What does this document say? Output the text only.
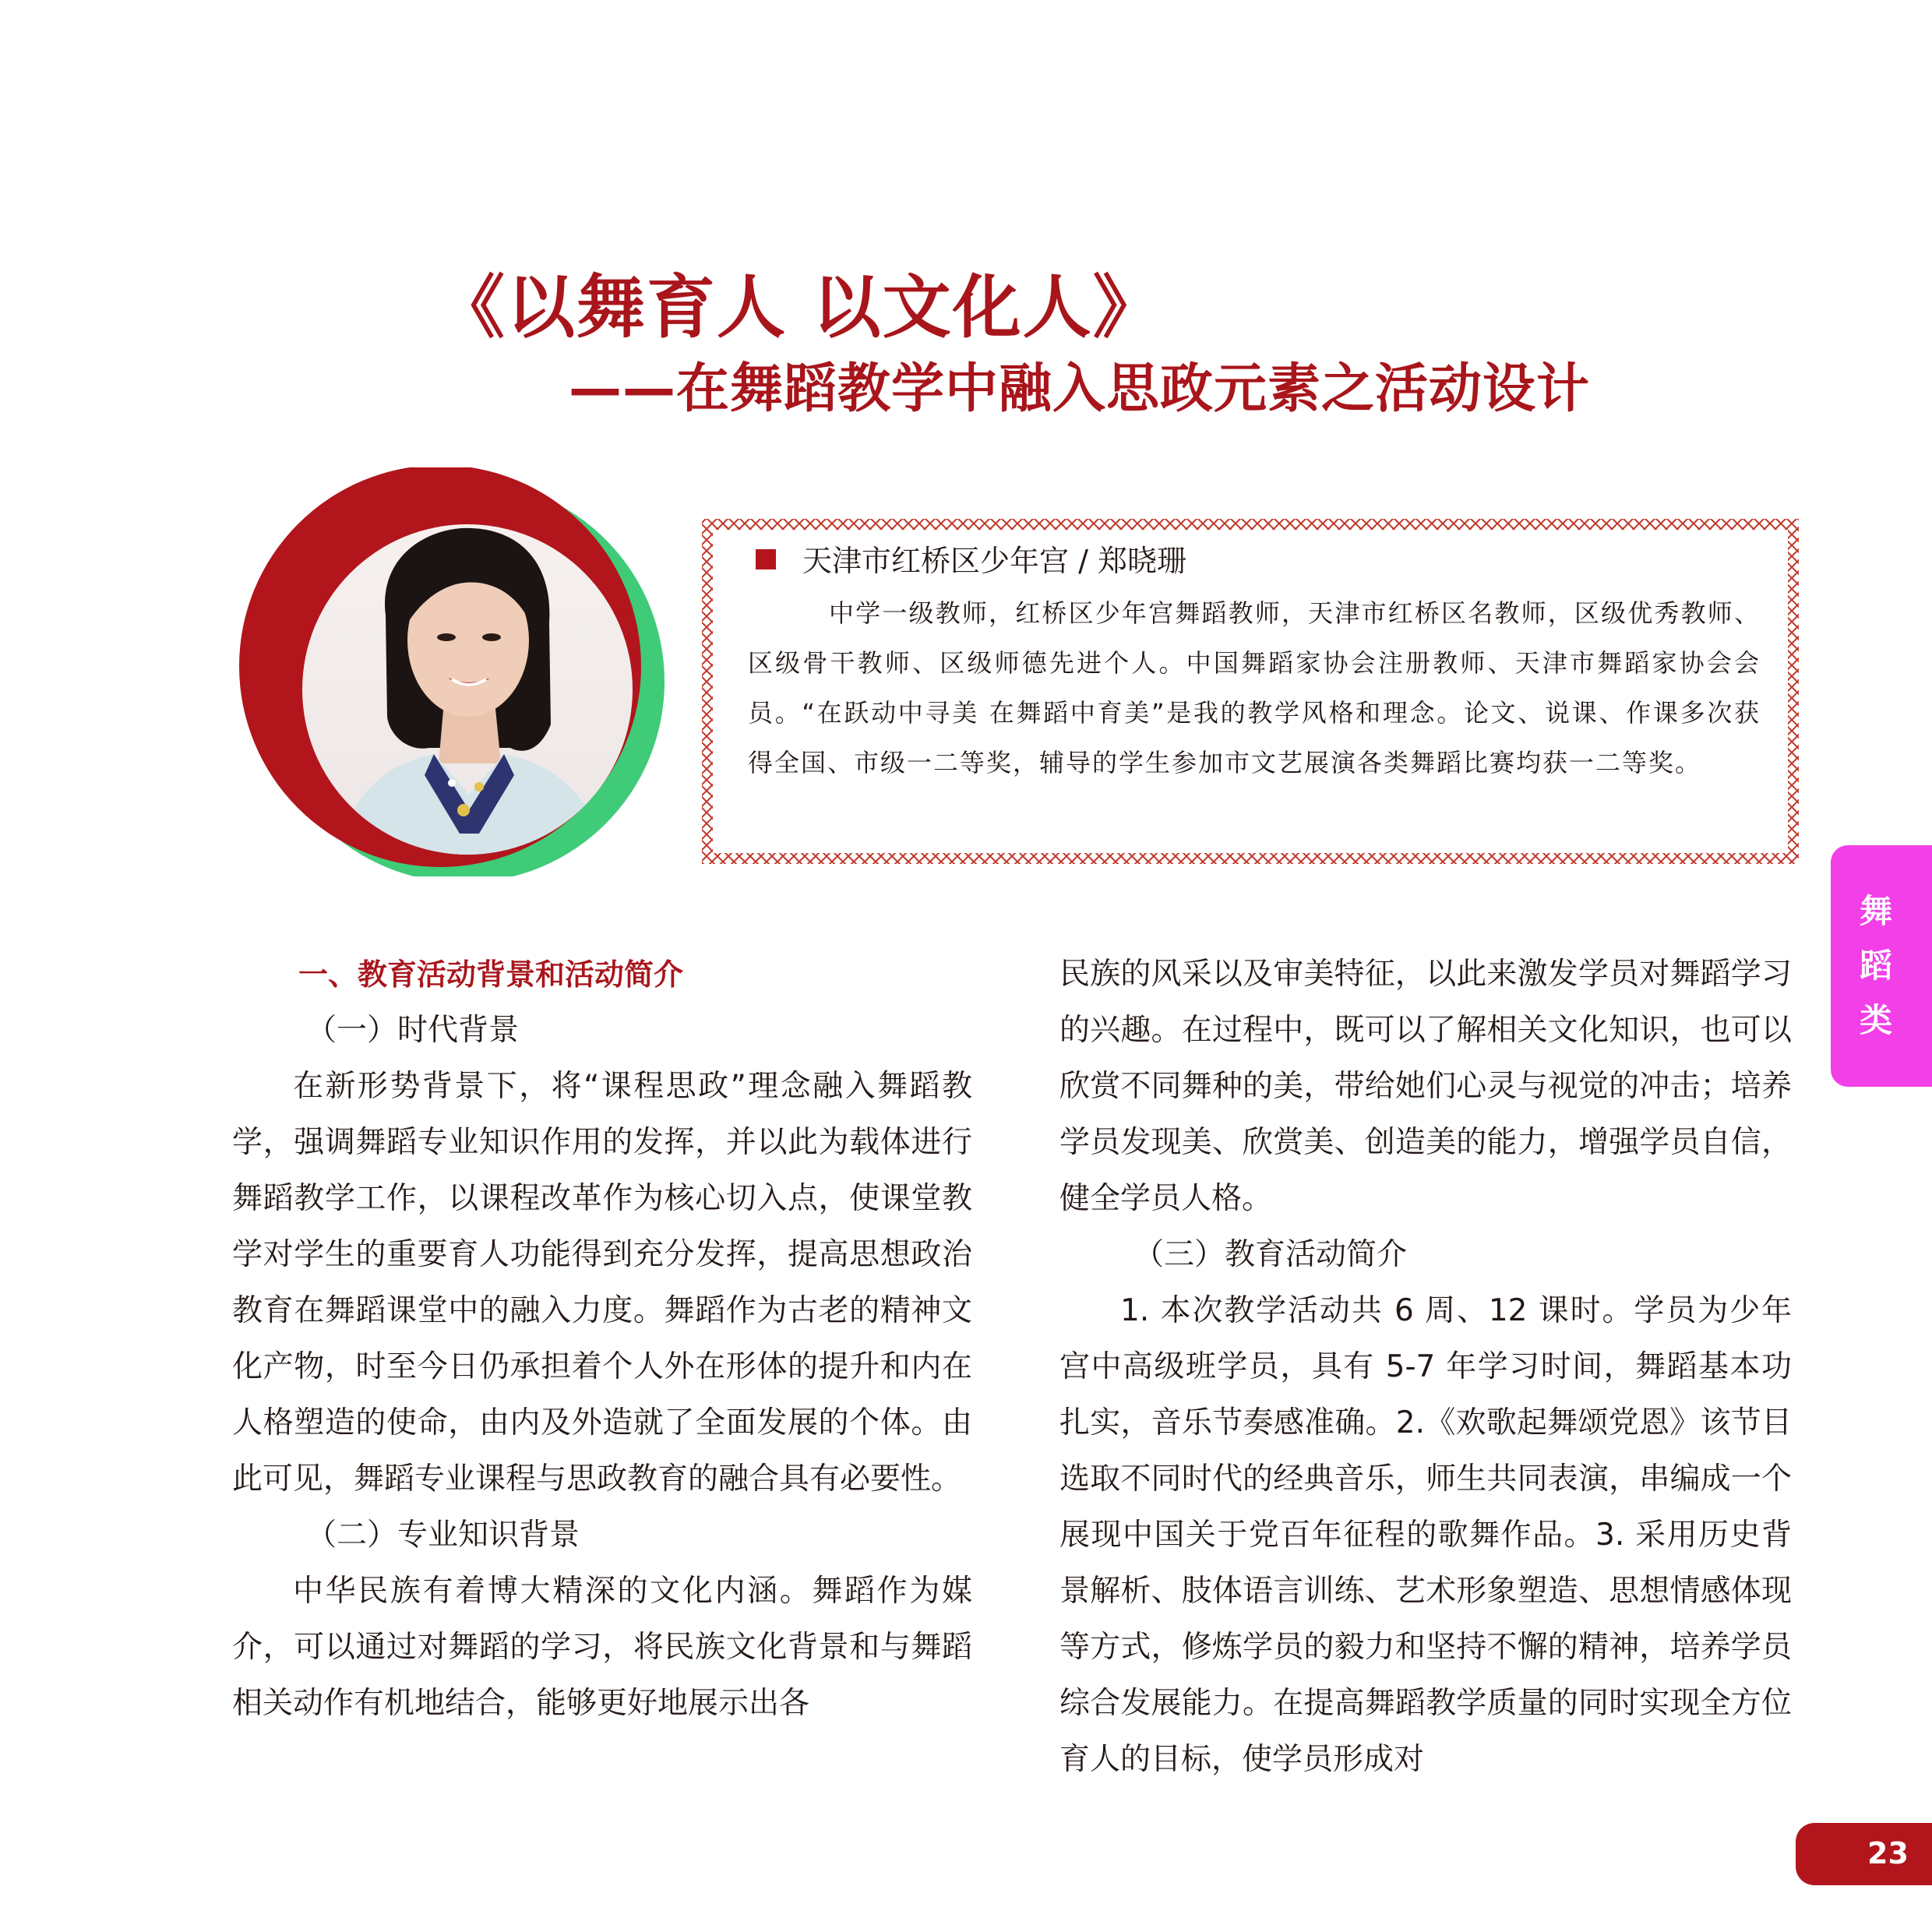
《以舞育人 以文化人》
——在舞蹈教学中融入思政元素之活动设计

天津市红桥区少年宫 / 郑晓珊

中学一级教师，红桥区少年宫舞蹈教师，天津市红桥区名教师，区级优秀教师、区级骨干教师、区级师德先进个人。中国舞蹈家协会注册教师、天津市舞蹈家协会会员。“在跃动中寻美 在舞蹈中育美”是我的教学风格和理念。论文、说课、作课多次获得全国、市级一二等奖，辅导的学生参加市文艺展演各类舞蹈比赛均获一二等奖。

舞
蹈
类

一、教育活动背景和活动简介

（一）时代背景

在新形势背景下，将“课程思政”理念融入舞蹈教学，强调舞蹈专业知识作用的发挥，并以此为载体进行舞蹈教学工作，以课程改革作为核心切入点，使课堂教学对学生的重要育人功能得到充分发挥，提高思想政治教育在舞蹈课堂中的融入力度。舞蹈作为古老的精神文化产物，时至今日仍承担着个人外在形体的提升和内在人格塑造的使命，由内及外造就了全面发展的个体。由此可见，舞蹈专业课程与思政教育的融合具有必要性。

（二）专业知识背景

中华民族有着博大精深的文化内涵。舞蹈作为媒介，可以通过对舞蹈的学习，将民族文化背景和与舞蹈相关动作有机地结合，能够更好地展示出各

民族的风采以及审美特征，以此来激发学员对舞蹈学习的兴趣。在过程中，既可以了解相关文化知识，也可以欣赏不同舞种的美，带给她们心灵与视觉的冲击；培养学员发现美、欣赏美、创造美的能力，增强学员自信，健全学员人格。

（三）教育活动简介

1. 本次教学活动共 6 周、12 课时。学员为少年宫中高级班学员，具有 5-7 年学习时间，舞蹈基本功扎实，音乐节奏感准确。2.《欢歌起舞颂党恩》该节目选取不同时代的经典音乐，师生共同表演，串编成一个展现中国关于党百年征程的歌舞作品。3. 采用历史背景解析、肢体语言训练、艺术形象塑造、思想情感体现等方式，修炼学员的毅力和坚持不懈的精神，培养学员综合发展能力。在提高舞蹈教学质量的同时实现全方位育人的目标，使学员形成对

23
